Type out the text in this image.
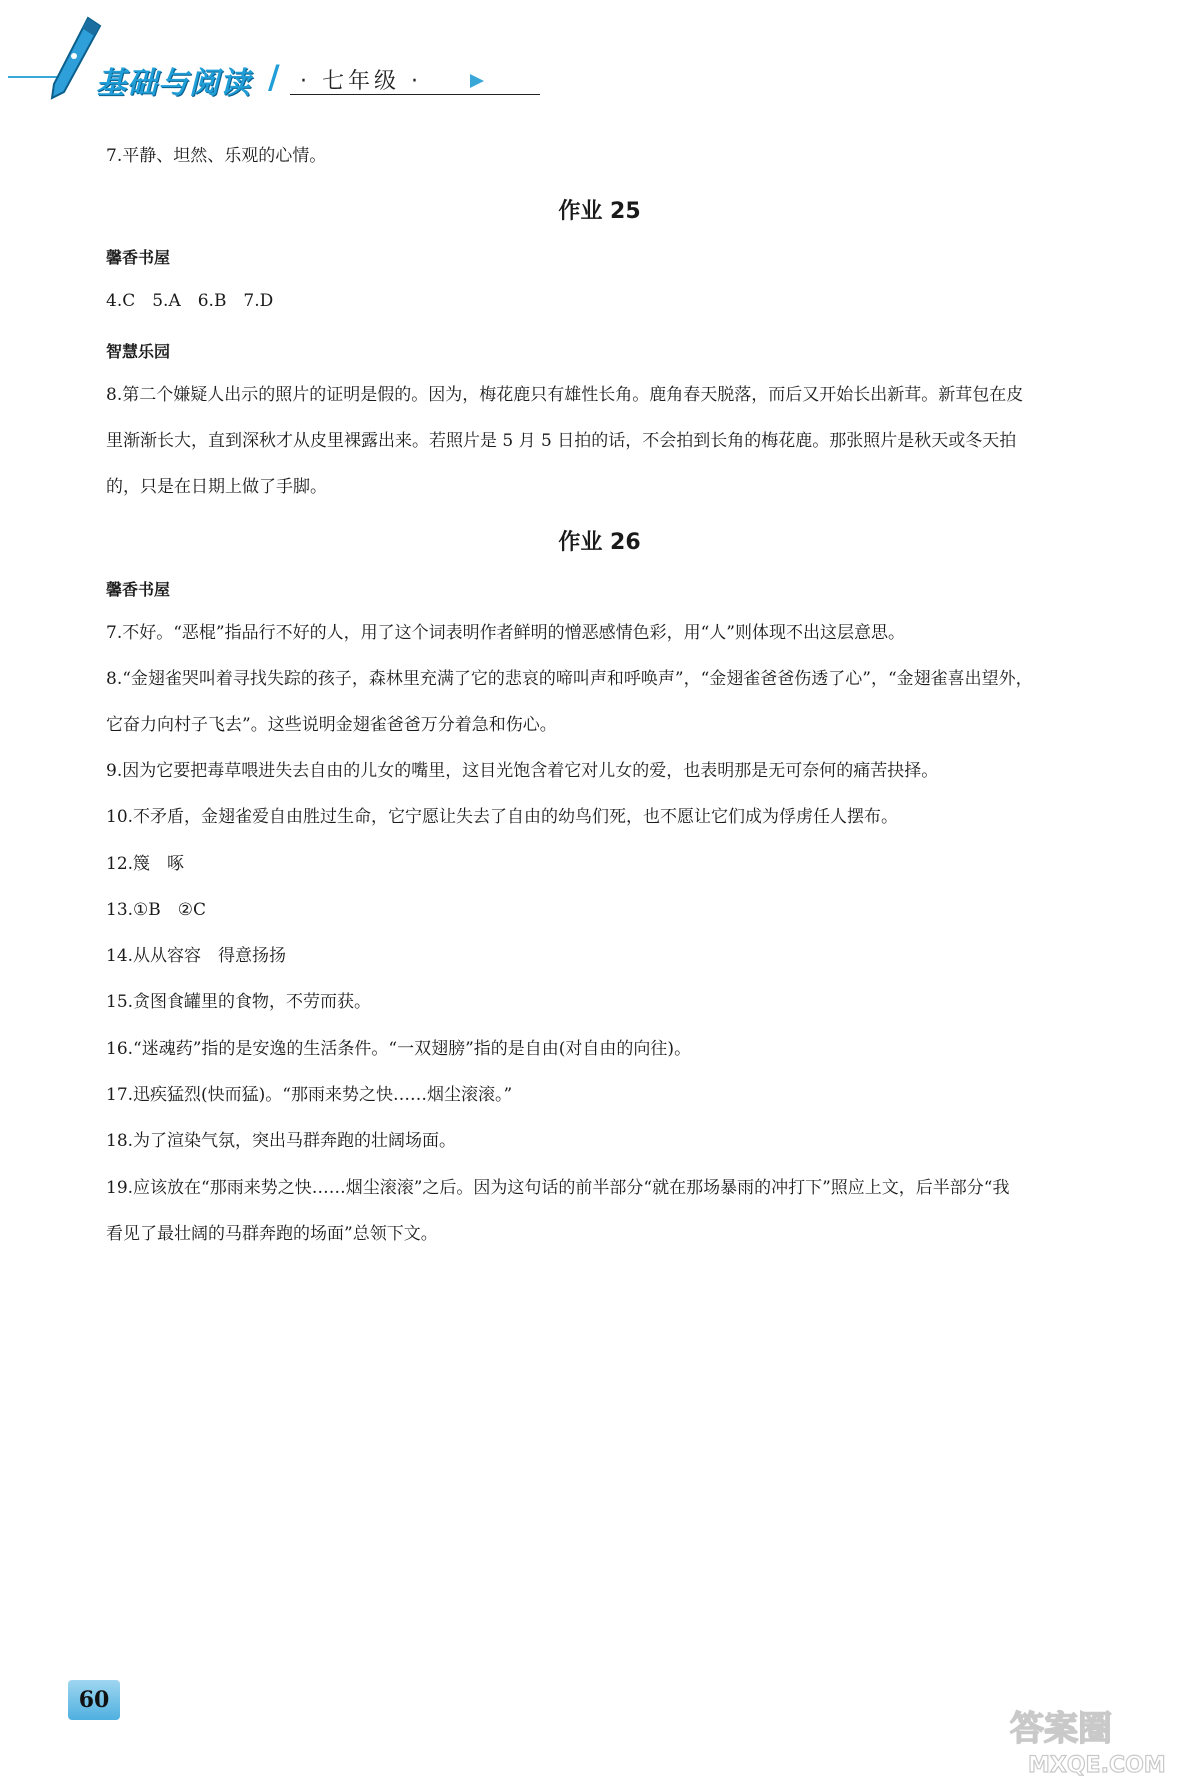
基础与阅读 / · 七年级 ·
7.平静、坦然、乐观的心情。
作业 25
馨香书屋
4.C　5.A　6.B　7.D
智慧乐园
8.第二个嫌疑人出示的照片的证明是假的。因为，梅花鹿只有雄性长角。鹿角春天脱落，而后又开始长出新茸。新茸包在皮
里渐渐长大，直到深秋才从皮里裸露出来。若照片是 5 月 5 日拍的话，不会拍到长角的梅花鹿。那张照片是秋天或冬天拍
的，只是在日期上做了手脚。
作业 26
馨香书屋
7.不好。“恶棍”指品行不好的人，用了这个词表明作者鲜明的憎恶感情色彩，用“人”则体现不出这层意思。
8.“金翅雀哭叫着寻找失踪的孩子，森林里充满了它的悲哀的啼叫声和呼唤声”，“金翅雀爸爸伤透了心”，“金翅雀喜出望外，
它奋力向村子飞去”。这些说明金翅雀爸爸万分着急和伤心。
9.因为它要把毒草喂进失去自由的儿女的嘴里，这目光饱含着它对儿女的爱，也表明那是无可奈何的痛苦抉择。
10.不矛盾，金翅雀爱自由胜过生命，它宁愿让失去了自由的幼鸟们死，也不愿让它们成为俘虏任人摆布。
12.篾　啄
13.①B　②C
14.从从容容　得意扬扬
15.贪图食罐里的食物，不劳而获。
16.“迷魂药”指的是安逸的生活条件。“一双翅膀”指的是自由(对自由的向往)。
17.迅疾猛烈(快而猛)。“那雨来势之快……烟尘滚滚。”
18.为了渲染气氛，突出马群奔跑的壮阔场面。
19.应该放在“那雨来势之快……烟尘滚滚”之后。因为这句话的前半部分“就在那场暴雨的冲打下”照应上文，后半部分“我
看见了最壮阔的马群奔跑的场面”总领下文。
60
答案圈
MXQE.COM
